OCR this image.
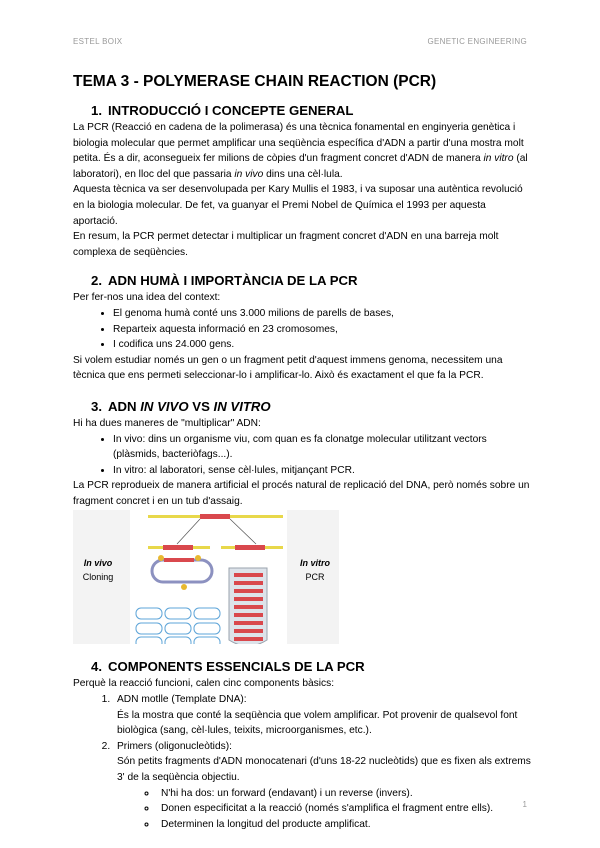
ESTEL BOIX	GENETIC ENGINEERING
TEMA 3 - POLYMERASE CHAIN REACTION (PCR)
1. INTRODUCCIÓ I CONCEPTE GENERAL

La PCR (Reacció en cadena de la polimerasa) és una tècnica fonamental en enginyeria genètica i biologia molecular que permet amplificar una seqüència específica d'ADN a partir d'una mostra molt petita. És a dir, aconsegueix fer milions de còpies d'un fragment concret d'ADN de manera in vitro (al laboratori), en lloc del que passaria in vivo dins una cèl·lula.

Aquesta tècnica va ser desenvolupada per Kary Mullis el 1983, i va suposar una autèntica revolució en la biologia molecular. De fet, va guanyar el Premi Nobel de Química el 1993 per aquesta aportació.

En resum, la PCR permet detectar i multiplicar un fragment concret d'ADN en una barreja molt complexa de seqüències.

2. ADN HUMÀ I IMPORTÀNCIA DE LA PCR

Per fer-nos una idea del context:

• El genoma humà conté uns 3.000 milions de parells de bases,
• Reparteix aquesta informació en 23 cromosomes,
• I codifica uns 24.000 gens.

Si volem estudiar només un gen o un fragment petit d'aquest immens genoma, necessitem una tècnica que ens permeti seleccionar-lo i amplificar-lo. Això és exactament el que fa la PCR.

3. ADN IN VIVO VS IN VITRO

Hi ha dues maneres de "multiplicar" ADN:

• In vivo: dins un organisme viu, com quan es fa clonatge molecular utilitzant vectors (plàsmids, bacteriòfags...).
• In vitro: al laboratori, sense cèl·lules, mitjançant PCR.

La PCR reprodueix de manera artificial el procés natural de replicació del DNA, però només sobre un fragment concret i en un tub d'assaig.

In vivo
Cloning
In vitro
PCR
4. COMPONENTS ESSENCIALS DE LA PCR

Perquè la reacció funcioni, calen cinc components bàsics:

1. ADN motlle (Template DNA):
És la mostra que conté la seqüència que volem amplificar. Pot provenir de qualsevol font biològica (sang, cèl·lules, teixits, microorganismes, etc.).
2. Primers (oligonucleòtids):
Són petits fragments d'ADN monocatenari (d'uns 18-22 nucleòtids) que es fixen als extrems 3' de la seqüència objectiu.
◦ N'hi ha dos: un forward (endavant) i un reverse (invers).
◦ Donen especificitat a la reacció (només s'amplifica el fragment entre ells).
◦ Determinen la longitud del producte amplificat.
1
